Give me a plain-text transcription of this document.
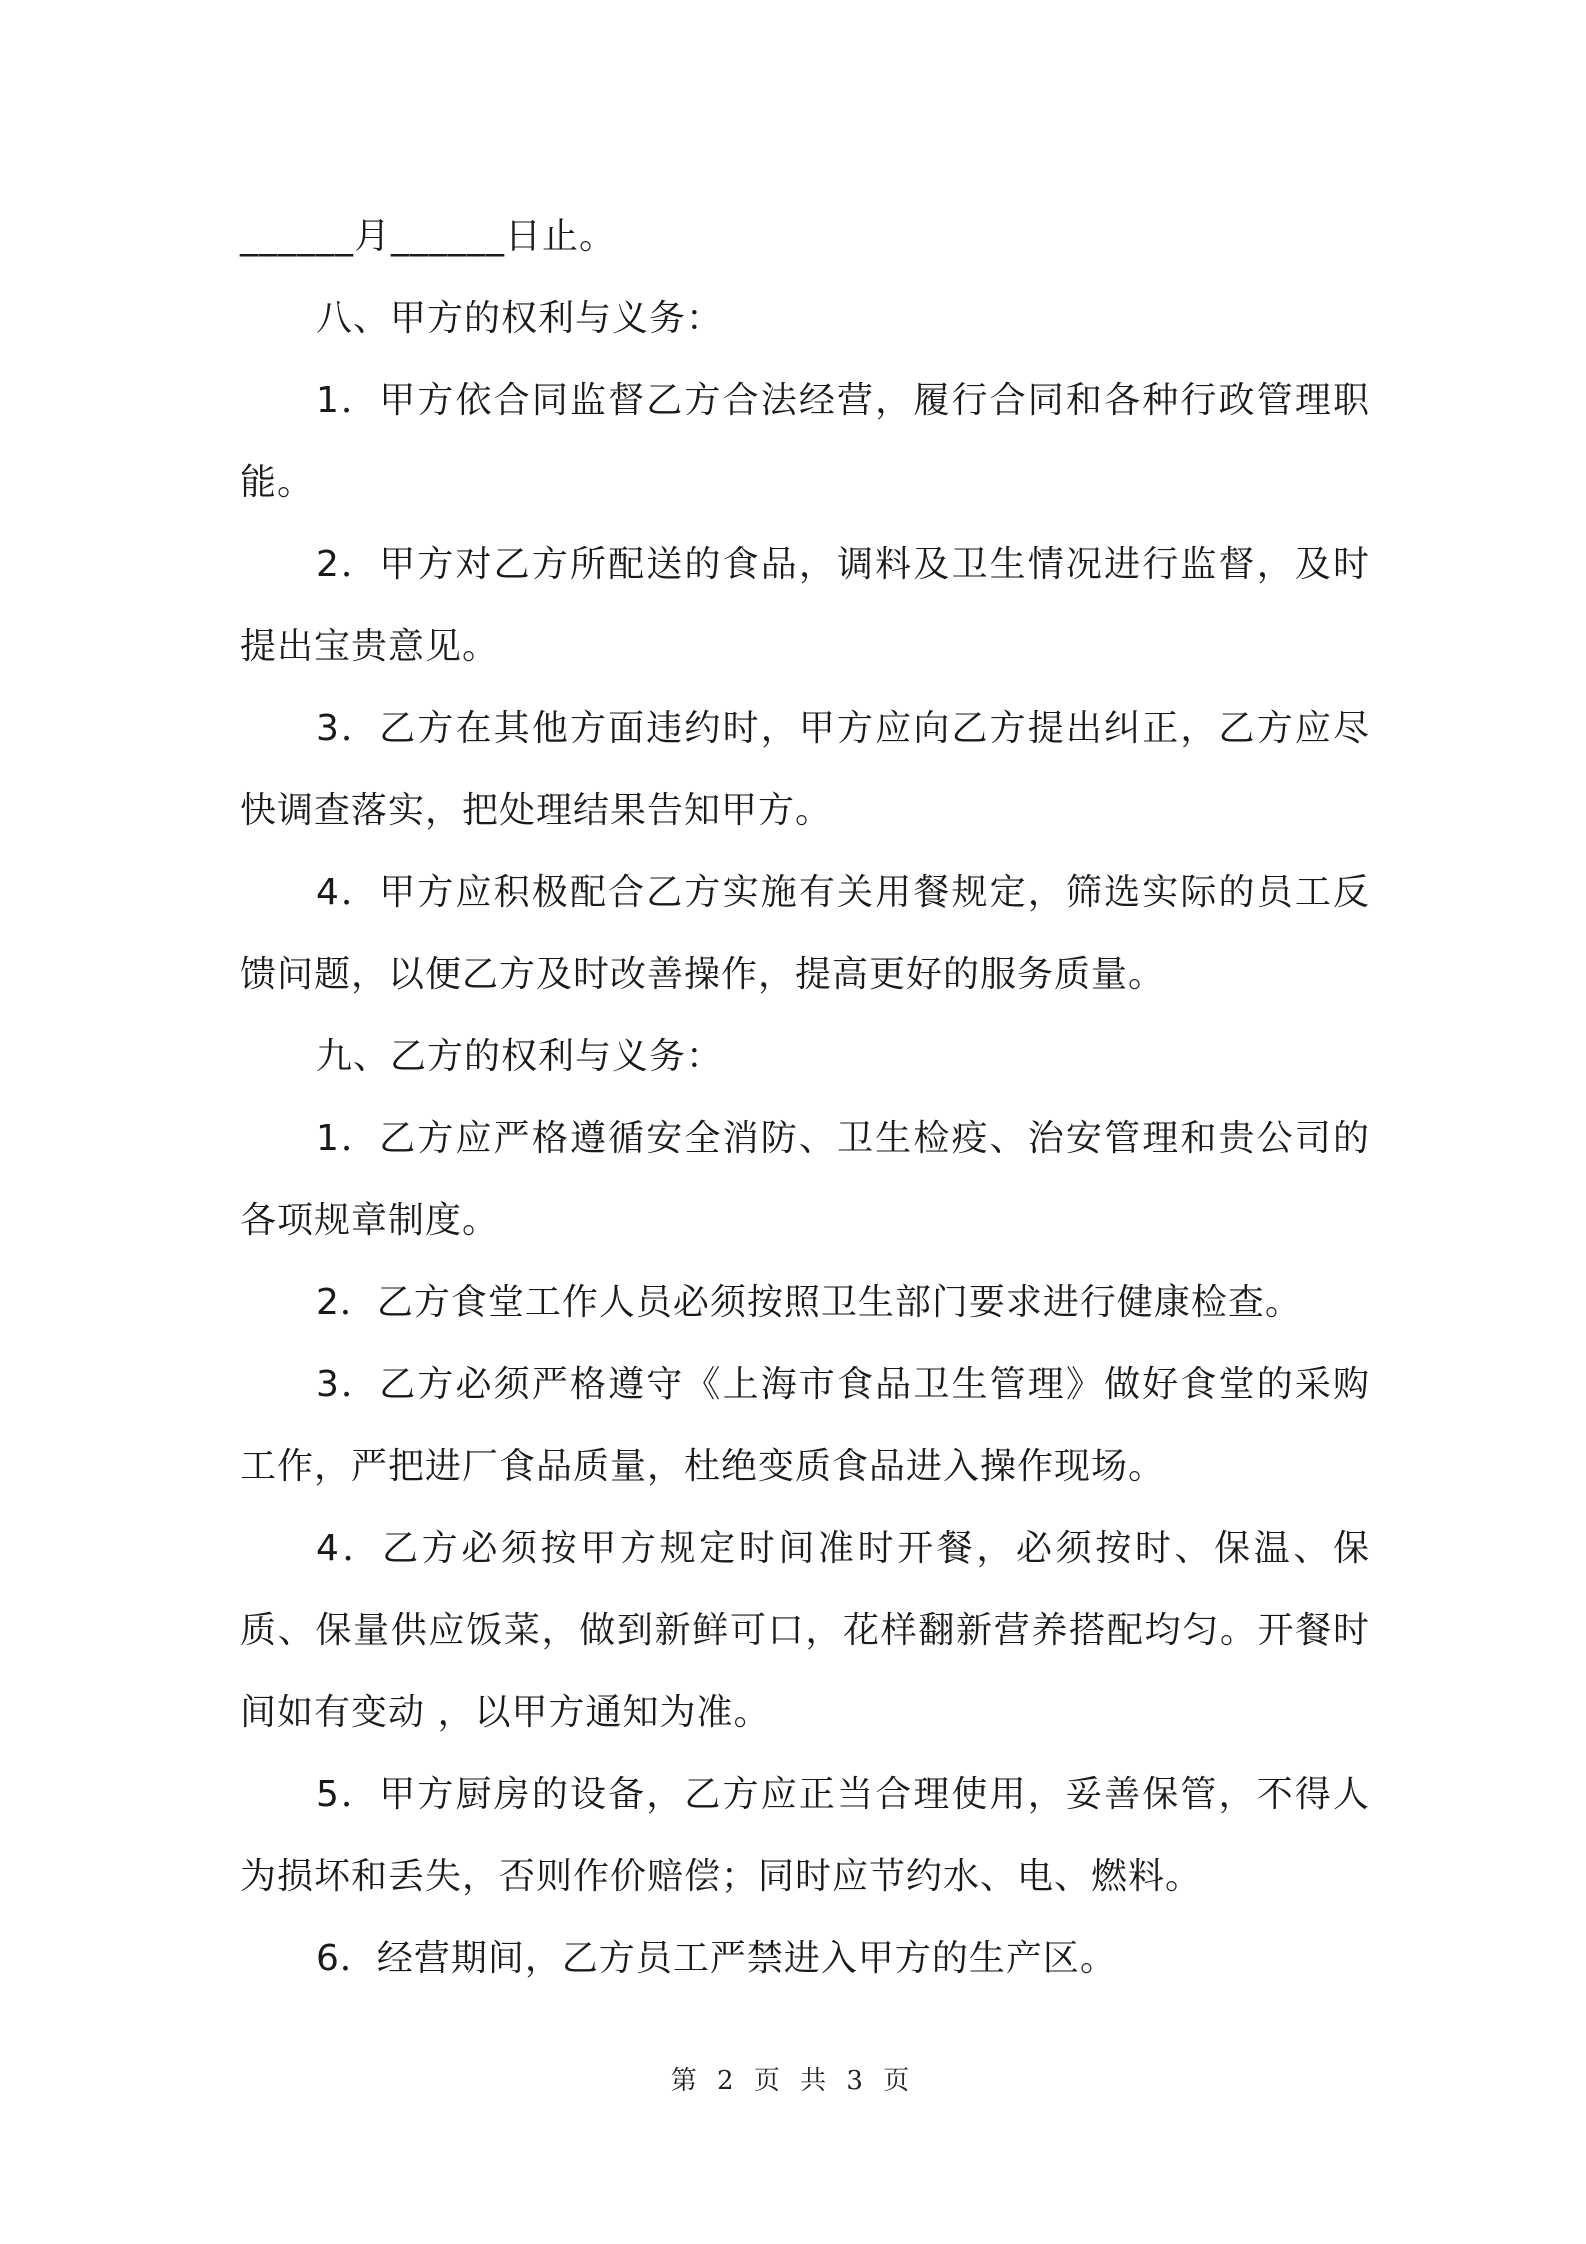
______月______日止。

八、甲方的权利与义务：

1．甲方依合同监督乙方合法经营，履行合同和各种行政管理职能。

2．甲方对乙方所配送的食品，调料及卫生情况进行监督，及时提出宝贵意见。

3．乙方在其他方面违约时，甲方应向乙方提出纠正，乙方应尽快调查落实，把处理结果告知甲方。

4．甲方应积极配合乙方实施有关用餐规定，筛选实际的员工反馈问题，以便乙方及时改善操作，提高更好的服务质量。

九、乙方的权利与义务：

1．乙方应严格遵循安全消防、卫生检疫、治安管理和贵公司的各项规章制度。

2．乙方食堂工作人员必须按照卫生部门要求进行健康检查。

3．乙方必须严格遵守《上海市食品卫生管理》做好食堂的采购工作，严把进厂食品质量，杜绝变质食品进入操作现场。

4．乙方必须按甲方规定时间准时开餐，必须按时、保温、保质、保量供应饭菜，做到新鲜可口，花样翻新营养搭配均匀。开餐时间如有变动 ，以甲方通知为准。

5．甲方厨房的设备，乙方应正当合理使用，妥善保管，不得人为损坏和丢失，否则作价赔偿；同时应节约水、电、燃料。

6．经营期间，乙方员工严禁进入甲方的生产区。

第 2 页 共 3 页
